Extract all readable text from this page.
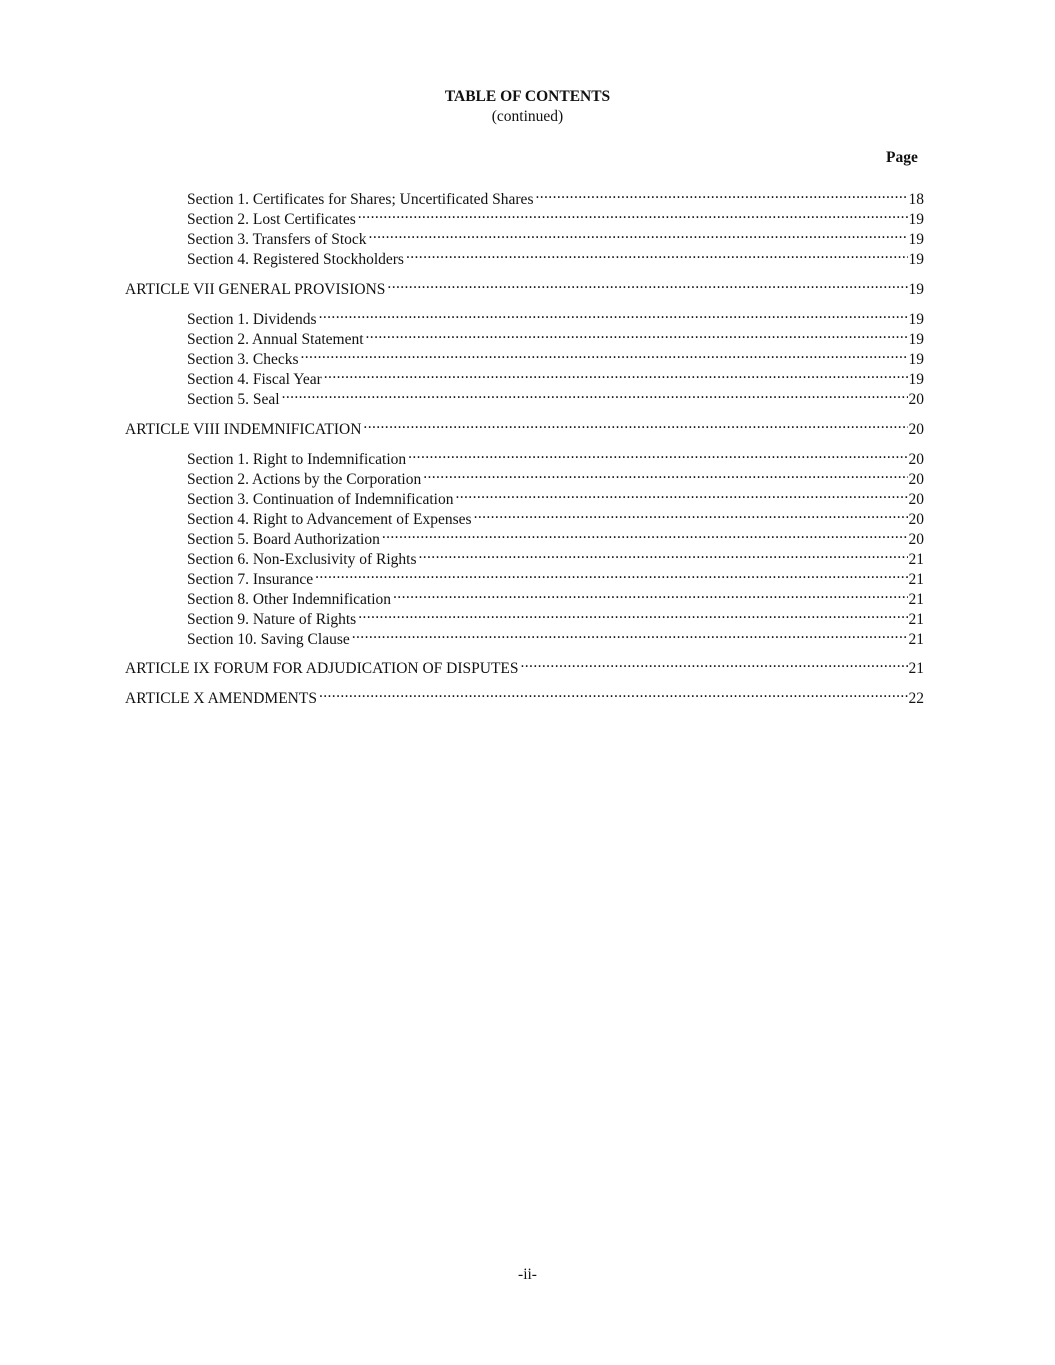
TABLE OF CONTENTS
(continued)
Page
Section 1. Certificates for Shares; Uncertificated Shares .....	18
Section 2. Lost Certificates .....	19
Section 3. Transfers of Stock .....	19
Section 4. Registered Stockholders .....	19
ARTICLE VII GENERAL PROVISIONS .....	19
Section 1. Dividends .....	19
Section 2. Annual Statement .....	19
Section 3. Checks .....	19
Section 4. Fiscal Year .....	19
Section 5. Seal .....	20
ARTICLE VIII INDEMNIFICATION .....	20
Section 1. Right to Indemnification .....	20
Section 2. Actions by the Corporation .....	20
Section 3. Continuation of Indemnification .....	20
Section 4. Right to Advancement of Expenses .....	20
Section 5. Board Authorization .....	20
Section 6. Non-Exclusivity of Rights .....	21
Section 7. Insurance .....	21
Section 8. Other Indemnification .....	21
Section 9. Nature of Rights .....	21
Section 10. Saving Clause .....	21
ARTICLE IX FORUM FOR ADJUDICATION OF DISPUTES .....	21
ARTICLE X AMENDMENTS .....	22
-ii-
